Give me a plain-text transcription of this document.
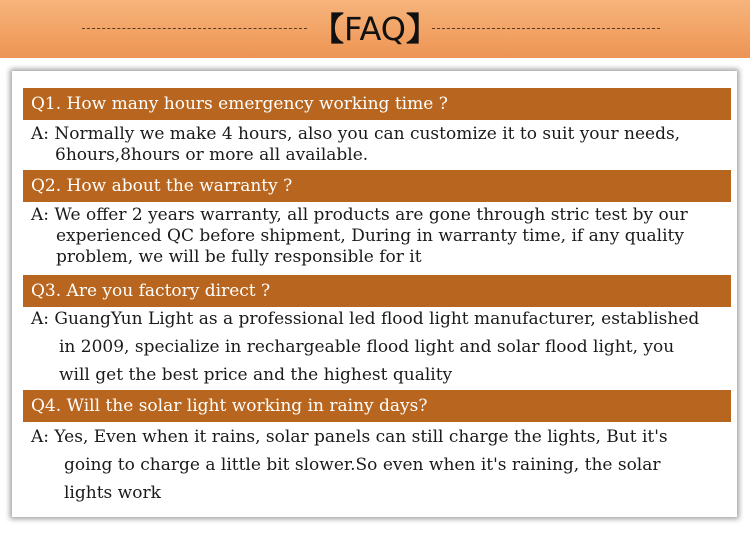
【FAQ】
Q1. How many hours emergency working time ?
A: Normally we make 4 hours, also you can customize it to suit your needs,
6hours,8hours or more all available.
Q2. How about the warranty ?
A: We offer 2 years warranty, all products are gone through stric test by our
experienced QC before shipment, During in warranty time, if any quality
problem, we will be fully responsible for it
Q3. Are you factory direct ?
A: GuangYun Light as a professional led flood light manufacturer, established
in 2009, specialize in rechargeable flood light and solar flood light, you
will get the best price and the highest quality
Q4. Will the solar light working in rainy days?
A: Yes, Even when it rains, solar panels can still charge the lights, But it's
going to charge a little bit slower.So even when it's raining, the solar
lights work
